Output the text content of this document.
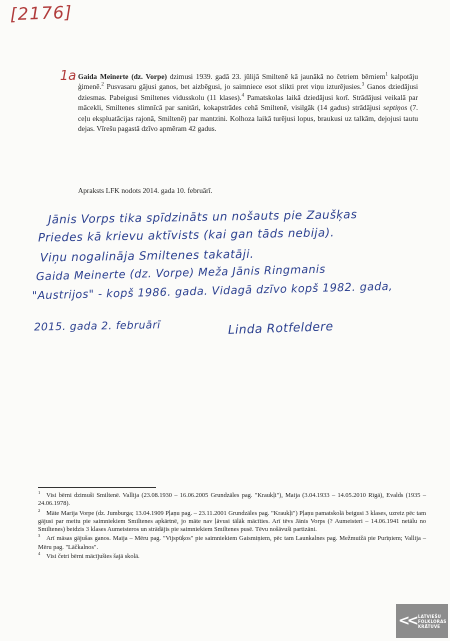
[2176]
1a Gaida Meinerte (dz. Vorpe) dzimusi 1939. gadā 23. jūlijā Smiltenē kā jaunākā no četriem bērniem$^1$ kalpotāju ģimenē.$^2$ Pusvasaru gājusi ganos, bet aizbēgusi, jo saimniece esot slikti pret viņu izturējusies.$^3$ Ganos dziedājusi dziesmas. Pabeigusi Smiltenes vidusskolu (11 klases).$^4$ Pamatskolas laikā dziedājusi korī. Strādājusi veikalā par mācekli, Smiltenes slimnīcā par sanitāri, kokapstrādes cehā Smiltenē, visilgāk (14 gadus) strādājusi septiņos (7. ceļu ekspluatācijas rajonā, Smiltenē) par mantzini. Kolhoza laikā turējusi lopus, braukusi uz talkām, dejojusi tautu dejas. Vīrešu pagastā dzīvo apmēram 42 gadus.
Apraksts LFK nodots 2014. gada 10. februārī.
Jānis Vorps tika spīdzināts un nošauts pie Zaušķas
Priedes kā krievu aktīvists (kai gan tāds nebija).
Viņu nogalināja Smiltenes takatāji.
Gaida Meinerte (dz. Vorpe) Meža Jānis Ringmanis
"Austrijos" - kopš 1986. gada. Vidagā dzīvo kopš 1982. gada,
2015. gada 2. februārī	Linda Rotfeldere

$^1$ Visi bērni dzimuši Smiltenē. Vallija (23.08.1930 – 16.06.2005 Grundzāles pag. "Kraukļi"), Maija (3.04.1933 – 14.05.2010 Rīgā), Evalds (1935 – 24.06.1978).

$^2$ Māte Marija Vorpe (dz. Jumburga; 13.04.1909 Pļaņu pag. – 23.11.2001 Grundzāles pag. "Kraukļi") Pļaņu pamatskolā beigusi 3 klases, uzreiz pēc tam gājusi par meitu pie saimniekiem Smiltenes apkārtnē, jo māte nav ļāvusi tālāk mācīties. Arī tēvs Jānis Vorps (? Aumeisteri – 14.06.1941 netālu no Smiltenes) beidzis 3 klases Aumeisteros un strādājis pie saimniekiem Smiltenes pusē. Tēvu nošāvuši partizāni.

$^3$ Arī māsas gājušas ganos. Maija – Mēru pag. "Vijspūķos" pie saimniekiem Gaismiņiem, pēc tam Launkalnes pag. Mežmuižā pie Purīņiem; Vallija – Mēru pag. "Lāčkalnos".

$^4$ Visi četri bērni mācījušies šajā skolā.

<< LATVIEŠU
FOLKLORAS
KRĀTUVE
